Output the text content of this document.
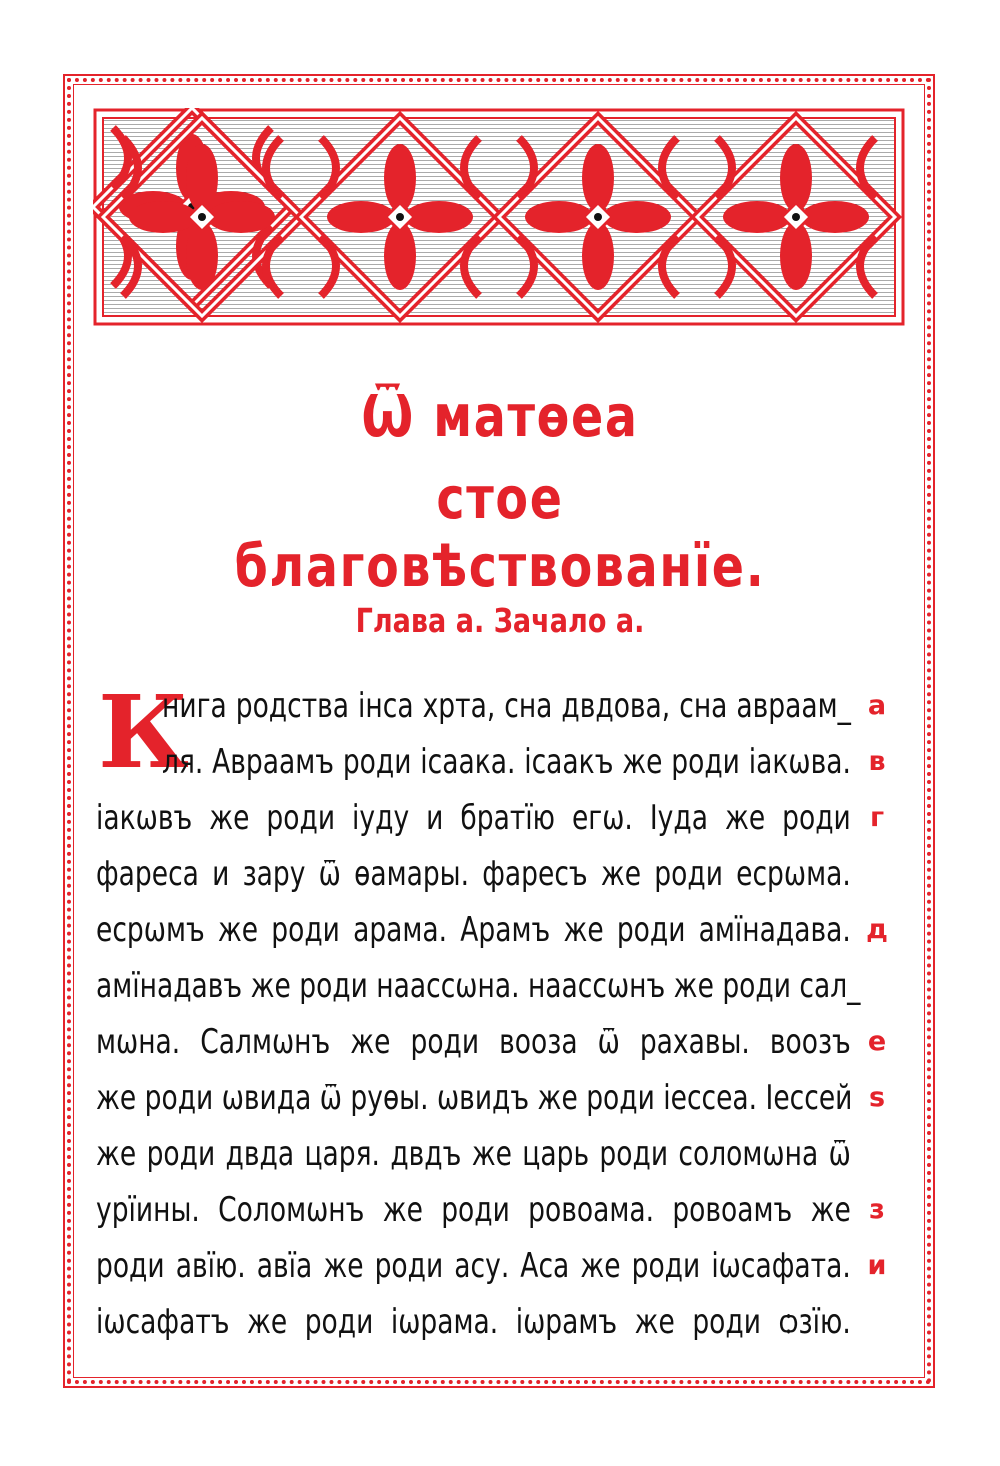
Ѿ матѳеа
стое благовѣствованїе.
Глава а. Зачало а.
К
нига родства інса хрта, сна двдова, сна авраам_
ля. Авраамъ роди ісаака. ісаакъ же роди іакѡва.
іакѡвъ же роди іуду и братїю егѡ. Іуда же роди
фареса и зару ѿ ѳамары. фаресъ же роди есрѡма.
есрѡмъ же роди арама. Арамъ же роди амїнадава.
амїнадавъ же роди наассѡна. наассѡнъ же роди сал_
мѡна. Салмѡнъ же роди вооза ѿ рахавы. воозъ
же роди ѡвида ѿ руѳы. ѡвидъ же роди іессеа. Іессей
же роди двда царя. двдъ же царь роди соломѡна ѿ
урїины. Соломѡнъ же роди ровоама. ровоамъ же
роди авїю. авїа же роди асу. Аса же роди іѡсафата.
іѡсафатъ же роди іѡрама. іѡрамъ же роди ѻзїю.
а
в
г
д
е
ѕ
з
и
